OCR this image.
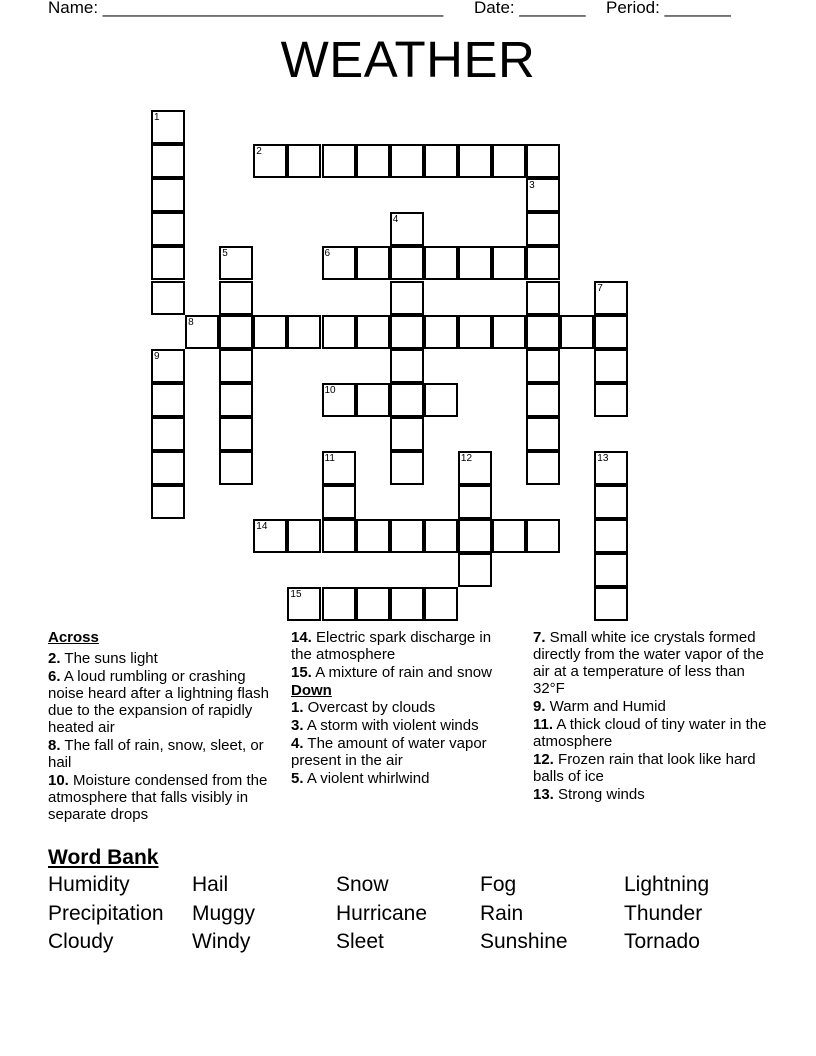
Name: ____________________________________ Date: _______ Period: _______
WEATHER
1
2
3
4
5	6
7
8
9
10
11	12	13
14
15
Across
2. The suns light
6. A loud rumbling or crashing noise heard after a lightning flash due to the expansion of rapidly heated air
8. The fall of rain, snow, sleet, or hail
10. Moisture condensed from the atmosphere that falls visibly in separate drops
14. Electric spark discharge in the atmosphere
15. A mixture of rain and snow
Down
1. Overcast by clouds
3. A storm with violent winds
4. The amount of water vapor present in the air
5. A violent whirlwind
7. Small white ice crystals formed directly from the water vapor of the air at a temperature of less than 32°F
9. Warm and Humid
11. A thick cloud of tiny water in the atmosphere
12. Frozen rain that look like hard balls of ice
13. Strong winds
Word Bank
Humidity	Hail	Snow	Fog	Lightning
Precipitation Muggy	Hurricane	Rain	Thunder
Cloudy	Windy	Sleet	Sunshine	Tornado
